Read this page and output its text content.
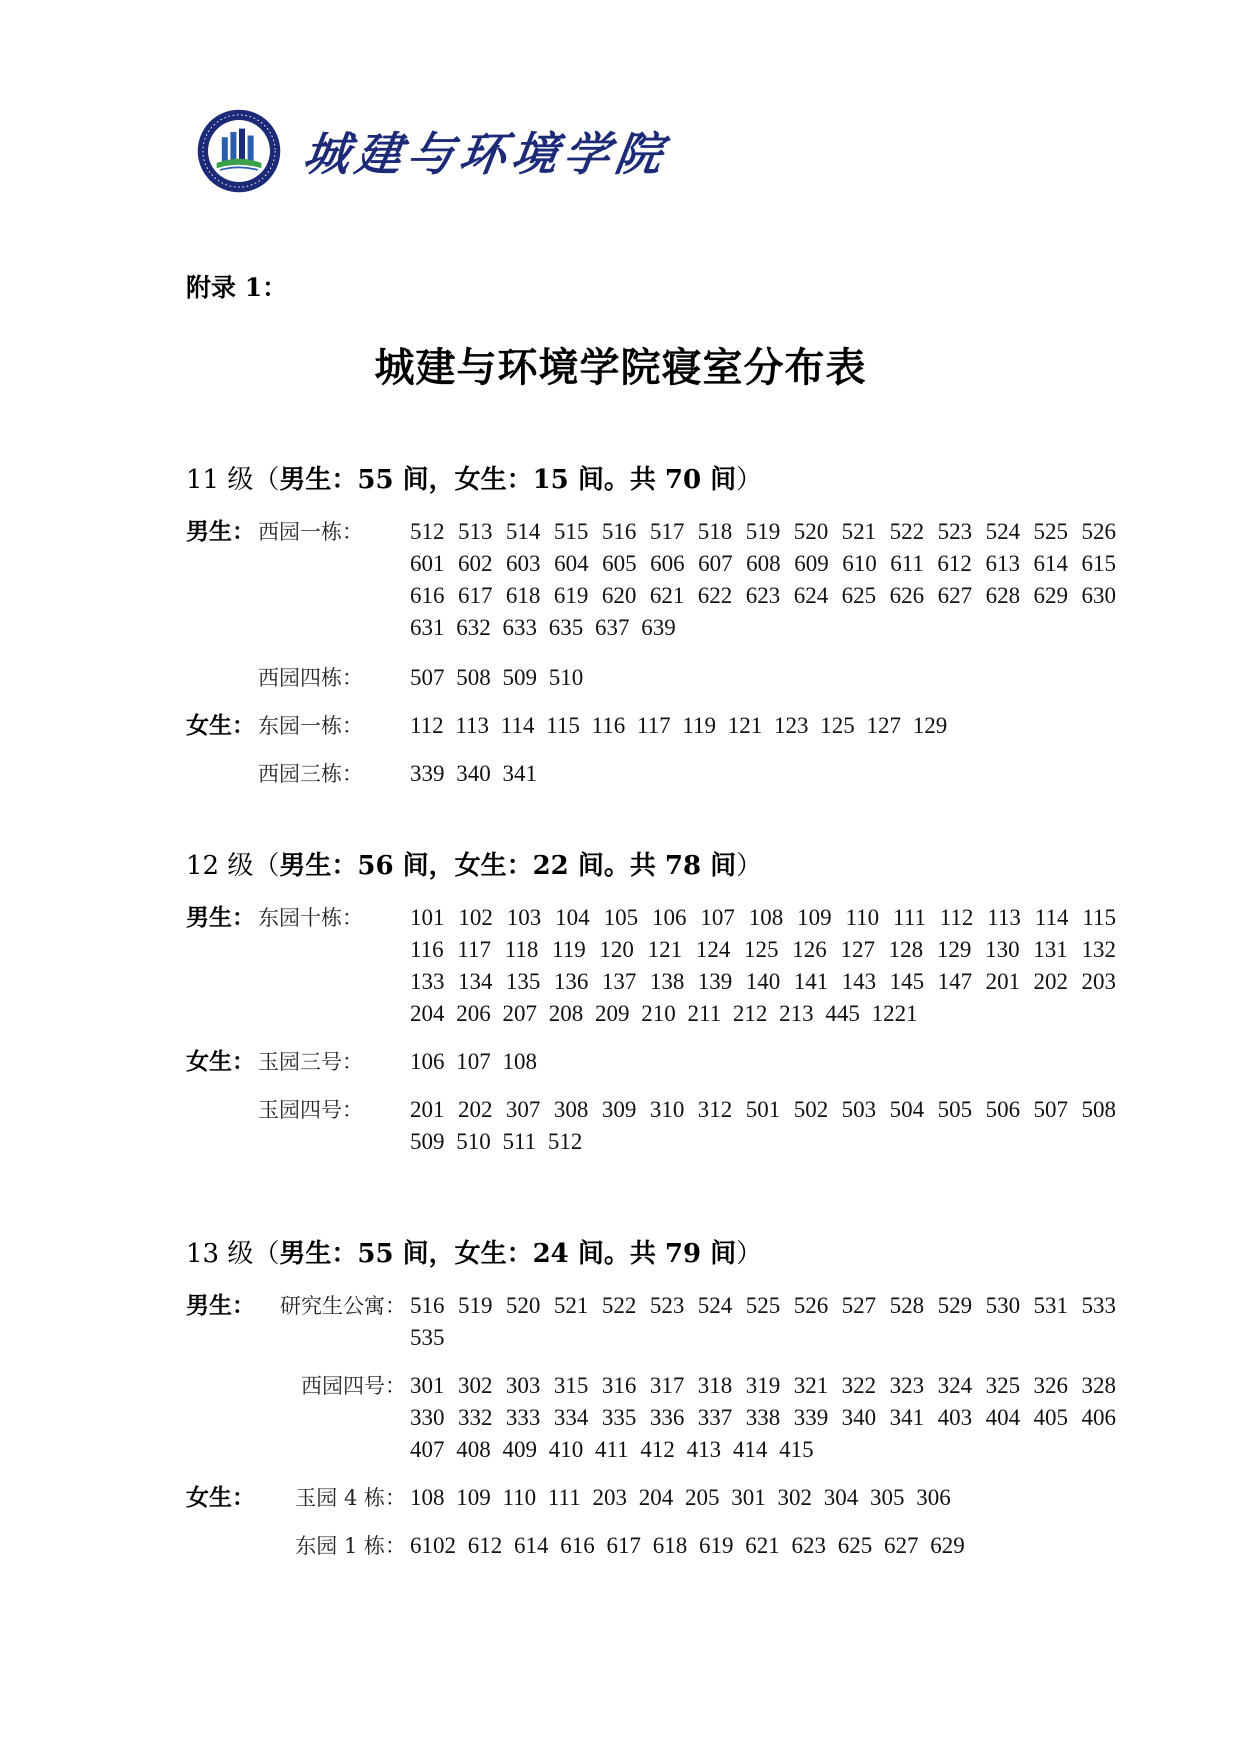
城建与环境学院
附录 1：
城建与环境学院寝室分布表
11 级（男生：55 间，女生：15 间。共 70 间）
男生： 西园一栋：	512 513 514 515 516 517 518 519 520 521 522 523 524 525 526 601 602 603 604 605 606 607 608 609 610 611 612 613 614 615 616 617 618 619 620 621 622 623 624 625 626 627 628 629 630 631 632 633 635 637 639
西园四栋：	507 508 509 510
女生： 东园一栋：	112 113 114 115 116 117 119 121 123 125 127 129
西园三栋：	339 340 341
12 级（男生：56 间，女生：22 间。共 78 间）
男生： 东园十栋：	101 102 103 104 105 106 107 108 109 110 111 112 113 114 115 116 117 118 119 120 121 124 125 126 127 128 129 130 131 132 133 134 135 136 137 138 139 140 141 143 145 147 201 202 203 204 206 207 208 209 210 211 212 213 445 1221
女生： 玉园三号：	106 107 108
玉园四号：	201 202 307 308 309 310 312 501 502 503 504 505 506 507 508 509 510 511 512
13 级（男生：55 间，女生：24 间。共 79 间）
男生：	研究生公寓： 516 519 520 521 522 523 524 525 526 527 528 529 530 531 533 535
西园四号： 301 302 303 315 316 317 318 319 321 322 323 324 325 326 328 330 332 333 334 335 336 337 338 339 340 341 403 404 405 406 407 408 409 410 411 412 413 414 415
女生：	玉园 4 栋： 108 109 110 111 203 204 205 301 302 304 305 306
东园 1 栋： 6102 612 614 616 617 618 619 621 623 625 627 629
